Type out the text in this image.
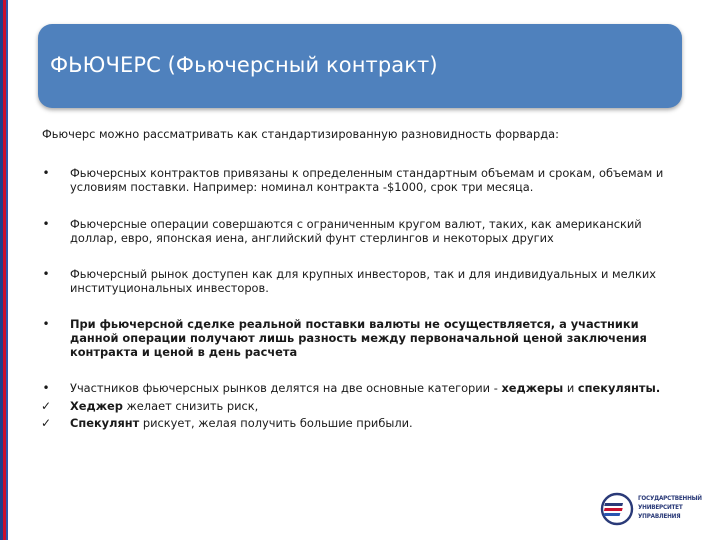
ФЬЮЧЕРС (Фьючерсный контракт)
Фьючерс можно рассматривать как стандартизированную разновидность форварда:
• Фьючерсных контрактов привязаны к определенным стандартным объемам и срокам, объемам и условиям поставки. Например: номинал контракта -$1000, срок три месяца.
• Фьючерсные операции совершаются с ограниченным кругом валют, таких, как американский доллар, евро, японская иена, английский фунт стерлингов и некоторых других
• Фьючерсный рынок доступен как для крупных инвесторов, так и для индивидуальных и мелких институциональных инвесторов.
• При фьючерсной сделке реальной поставки валюты не осуществляется, а участники данной операции получают лишь разность между первоначальной ценой заключения контракта и ценой в день расчета
• Участников фьючерсных рынков делятся на две основные категории - хеджеры и спекулянты.
✓ Хеджер желает снизить риск,
✓ Спекулянт рискует, желая получить большие прибыли.
ГОСУДАРСТВЕННЫЙ
УНИВЕРСИТЕТ
УПРАВЛЕНИЯ
